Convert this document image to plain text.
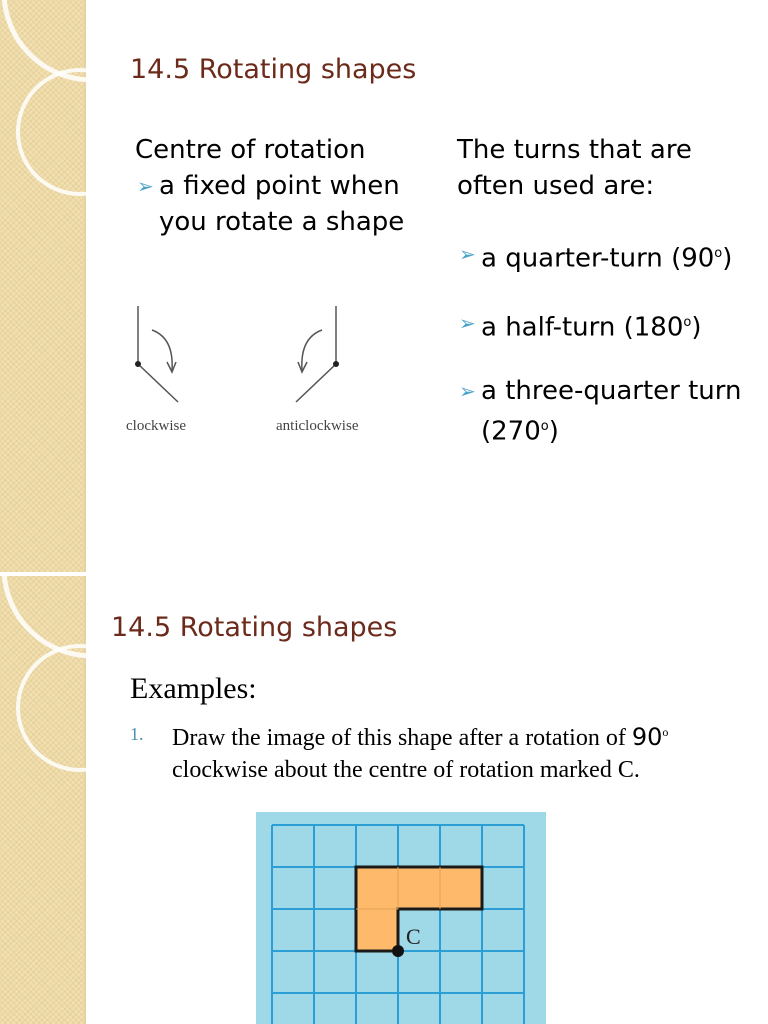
14.5 Rotating shapes
Centre of rotation
➢ a fixed point when you rotate a shape
clockwise	anticlockwise
The turns that are often used are:
➢ a quarter-turn (90$^o$)
➢ a half-turn (180$^o$)
➢ a three-quarter turn (270$^o$)
14.5 Rotating shapes
Examples:
1. Draw the image of this shape after a rotation of 90$^o$ clockwise about the centre of rotation marked C.
C
